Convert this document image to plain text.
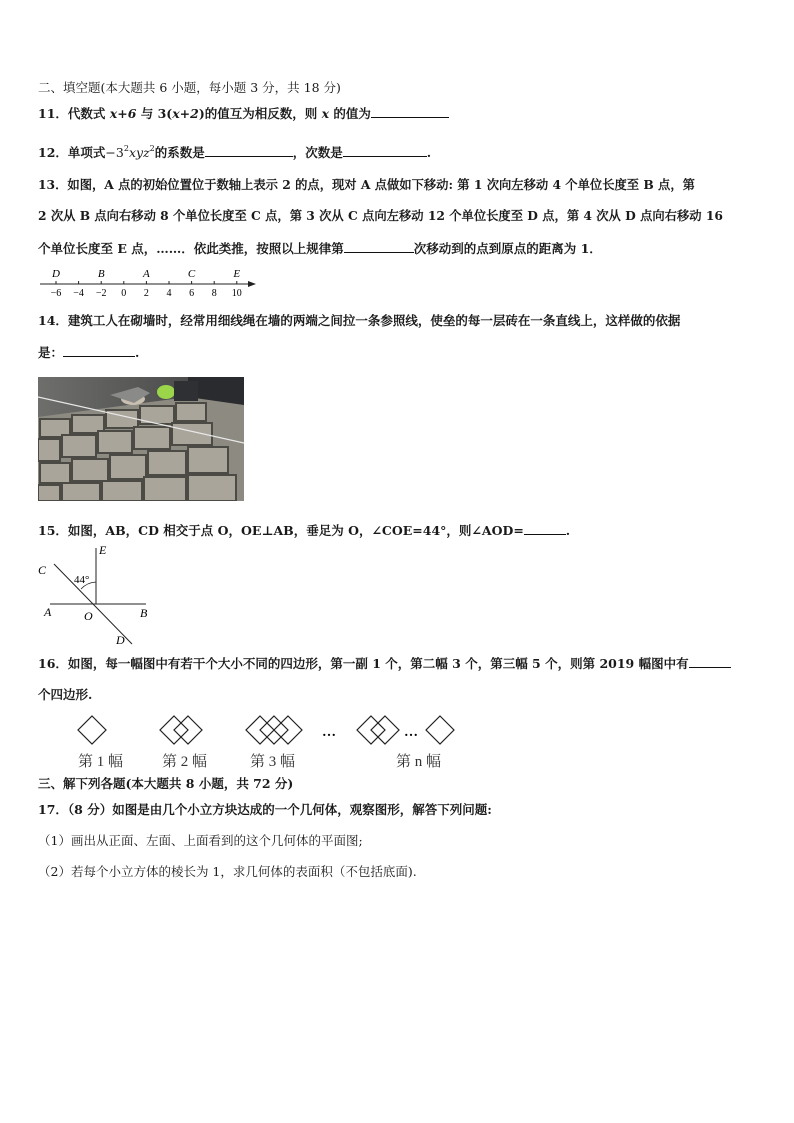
二、填空题(本大题共 6 小题，每小题 3 分，共 18 分)
11．代数式 x+6 与 3(x+2)的值互为相反数，则 x 的值为
12．单项式$-3^2xyz^2$的系数是	，次数是	.
13．如图，A 点的初始位置位于数轴上表示 2 的点，现对 A 点做如下移动: 第 1 次向左移动 4 个单位长度至 B 点，第
2 次从 B 点向右移动 8 个单位长度至 C 点，第 3 次从 C 点向左移动 12 个单位长度至 D 点，第 4 次从 D 点向右移动 16
个单位长度至 E 点，……．依此类推，按照以上规律第	次移动到的点到原点的距离为 1．
−6 −4 −2 0 2 4 6 8 10
D	B	A	C	E
14．建筑工人在砌墙时，经常用细线绳在墙的两端之间拉一条参照线，使垒的每一层砖在一条直线上，这样做的依据
是：	.
15．如图，AB，CD 相交于点 O，OE⊥AB，垂足为 O，∠COE=44°，则∠AOD=	.
E
C
44°
A	O	B
D
16．如图，每一幅图中有若干个大小不同的四边形，第一副 1 个，第二幅 3 个，第三幅 5 个，则第 2019 幅图中有
个四边形.
…	…
第 1 幅	第 2 幅	第 3 幅	第 n 幅
三、解下列各题(本大题共 8 小题，共 72 分)
17．（8 分）如图是由几个小立方块达成的一个几何体，观察图形，解答下列问题:
（1）画出从正面、左面、上面看到的这个几何体的平面图;
（2）若每个小立方体的棱长为 1，求几何体的表面积（不包括底面).
